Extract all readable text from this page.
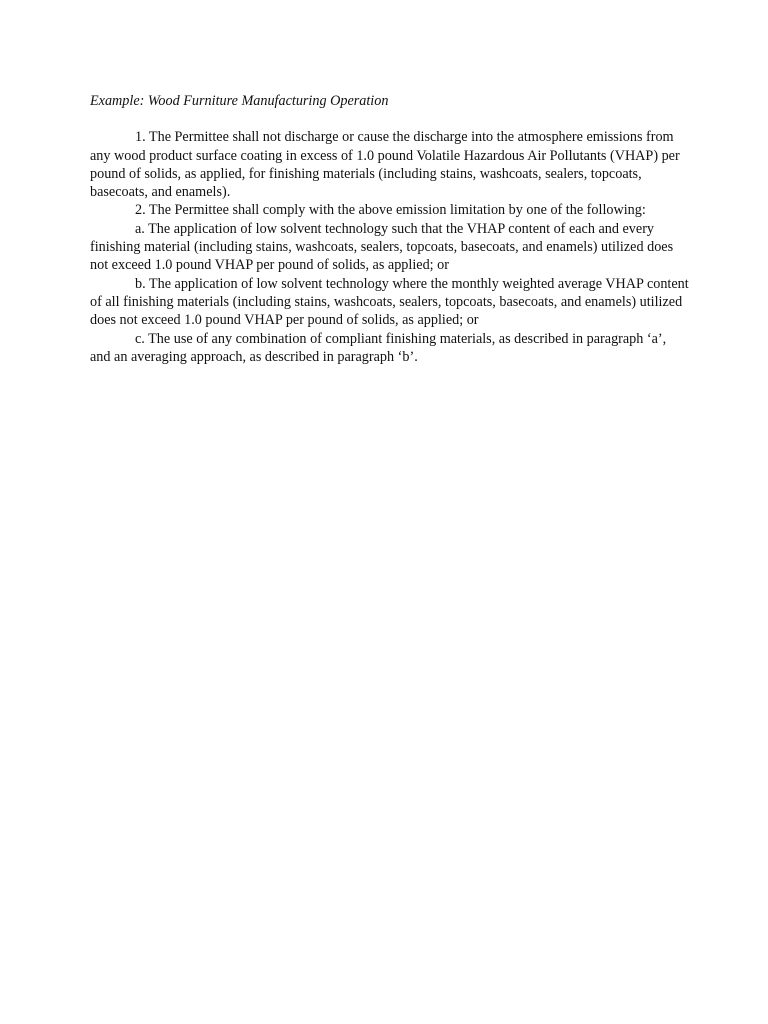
Example: Wood Furniture Manufacturing Operation

1. The Permittee shall not discharge or cause the discharge into the atmosphere emissions from any wood product surface coating in excess of 1.0 pound Volatile Hazardous Air Pollutants (VHAP) per pound of solids, as applied, for finishing materials (including stains, washcoats, sealers, topcoats, basecoats, and enamels).

2. The Permittee shall comply with the above emission limitation by one of the following:

a. The application of low solvent technology such that the VHAP content of each and every finishing material (including stains, washcoats, sealers, topcoats, basecoats, and enamels) utilized does not exceed 1.0 pound VHAP per pound of solids, as applied; or

b. The application of low solvent technology where the monthly weighted average VHAP content of all finishing materials (including stains, washcoats, sealers, topcoats, basecoats, and enamels) utilized does not exceed 1.0 pound VHAP per pound of solids, as applied; or

c. The use of any combination of compliant finishing materials, as described in paragraph ‘a’, and an averaging approach, as described in paragraph ‘b’.
